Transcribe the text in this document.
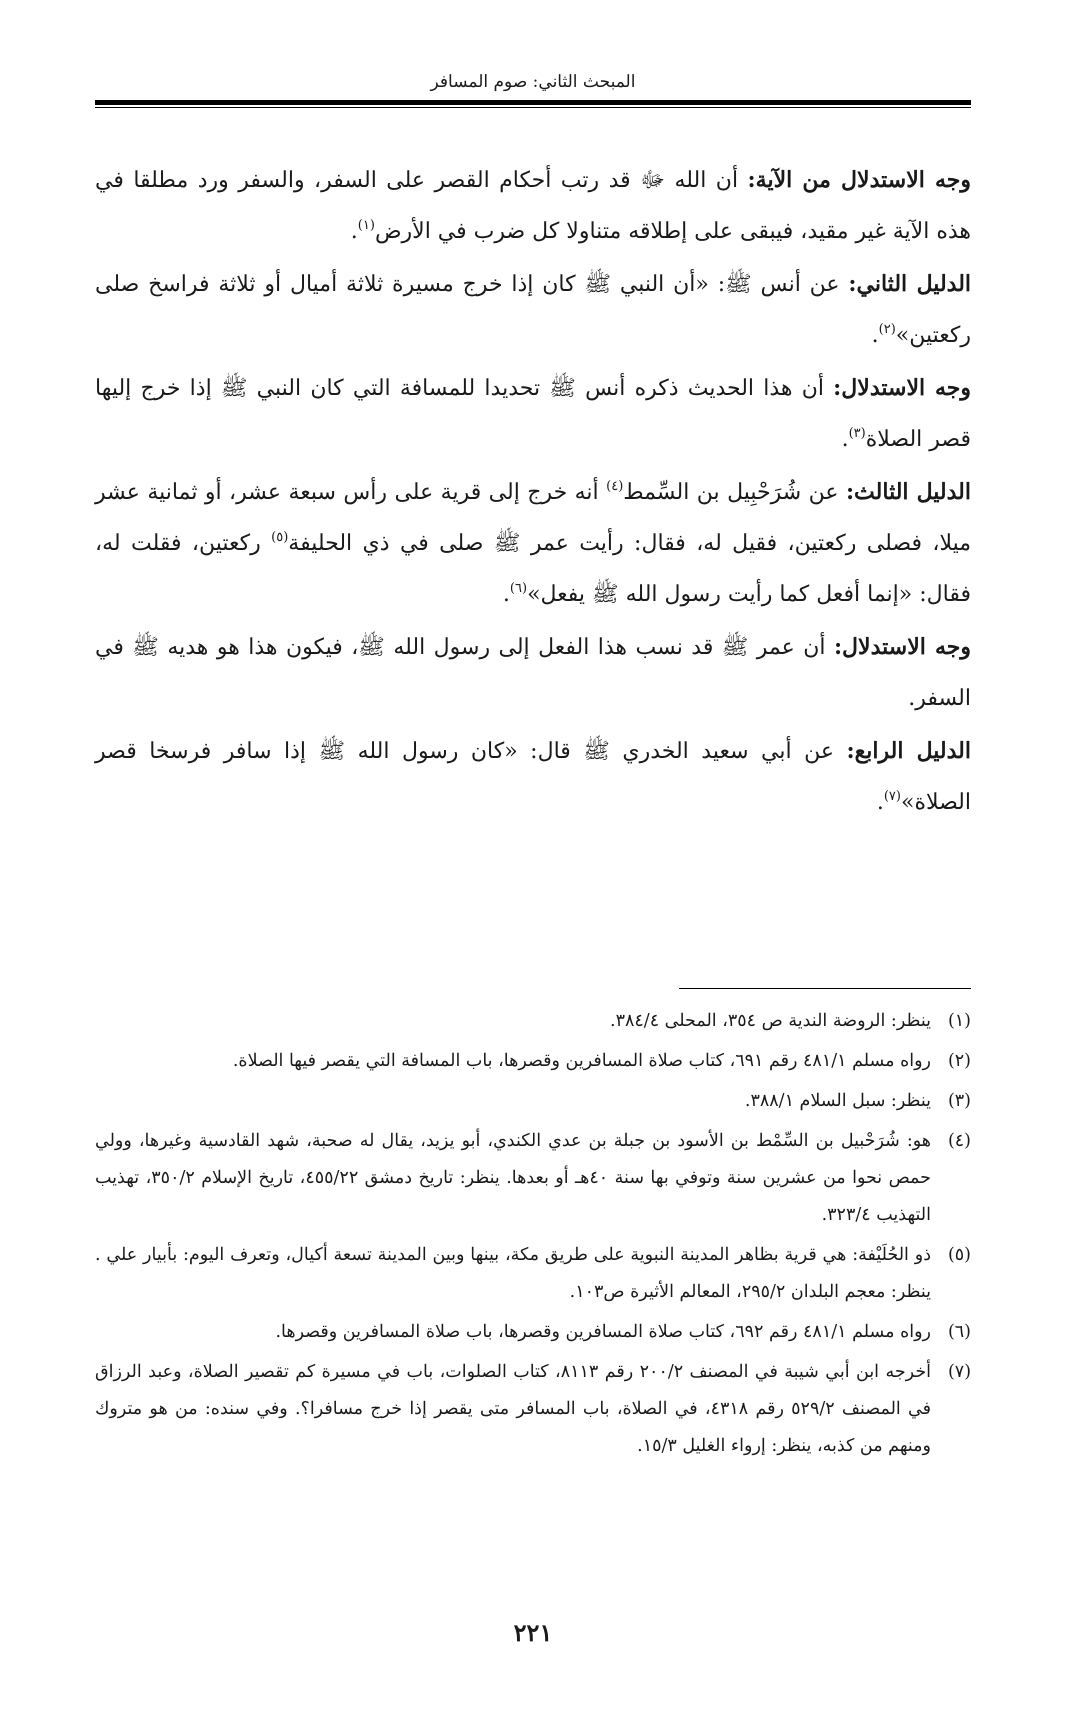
المبحث الثاني: صوم المسافر

وجه الاستدلال من الآية: أن الله ﷻ قد رتب أحكام القصر على السفر، والسفر ورد مطلقا في هذه الآية غير مقيد، فيبقى على إطلاقه متناولا كل ضرب في الأرض$^{(١)}$.

الدليل الثاني: عن أنس ﷺ: «أن النبي ﷺ كان إذا خرج مسيرة ثلاثة أميال أو ثلاثة فراسخ صلى ركعتين»$^{(٢)}$.

وجه الاستدلال: أن هذا الحديث ذكره أنس ﷺ تحديدا للمسافة التي كان النبي ﷺ إذا خرج إليها قصر الصلاة$^{(٣)}$.

الدليل الثالث: عن شُرَحْبِيل بن السِّمط$^{(٤)}$ أنه خرج إلى قرية على رأس سبعة عشر، أو ثمانية عشر ميلا، فصلى ركعتين، فقيل له، فقال: رأيت عمر ﷺ صلى في ذي الحليفة$^{(٥)}$ ركعتين، فقلت له، فقال: «إنما أفعل كما رأيت رسول الله ﷺ يفعل»$^{(٦)}$.

وجه الاستدلال: أن عمر ﷺ قد نسب هذا الفعل إلى رسول الله ﷺ، فيكون هذا هو هديه ﷺ في السفر.

الدليل الرابع: عن أبي سعيد الخدري ﷺ قال: «كان رسول الله ﷺ إذا سافر فرسخا قصر الصلاة»$^{(٧)}$.

(١)ينظر: الروضة الندية ص ٣٥٤، المحلى ٣٨٤/٤.

(٢)رواه مسلم ٤٨١/١ رقم ٦٩١، كتاب صلاة المسافرين وقصرها، باب المسافة التي يقصر فيها الصلاة.

(٣)ينظر: سبل السلام ٣٨٨/١.

(٤)هو: شُرَحْبيل بن السِّمْط بن الأسود بن جبلة بن عدي الكندي، أبو يزيد، يقال له صحبة، شهد القادسية وغيرها، وولي حمص نحوا من عشرين سنة وتوفي بها سنة ٤٠هـ أو بعدها. ينظر: تاريخ دمشق ٤٥٥/٢٢، تاريخ الإسلام ٣٥٠/٢، تهذيب التهذيب ٣٢٣/٤.

(٥)ذو الحُلَيْفة: هي قرية بظاهر المدينة النبوية على طريق مكة، بينها وبين المدينة تسعة أكيال، وتعرف اليوم: بأبيار علي . ينظر: معجم البلدان ٢٩٥/٢، المعالم الأثيرة ص١٠٣.

(٦)رواه مسلم ٤٨١/١ رقم ٦٩٢، كتاب صلاة المسافرين وقصرها، باب صلاة المسافرين وقصرها.

(٧)أخرجه ابن أبي شيبة في المصنف ٢٠٠/٢ رقم ٨١١٣، كتاب الصلوات، باب في مسيرة كم تقصير الصلاة، وعبد الرزاق في المصنف ٥٢٩/٢ رقم ٤٣١٨، في الصلاة، باب المسافر متى يقصر إذا خرج مسافرا؟. وفي سنده: من هو متروك ومنهم من كذبه، ينظر: إرواء الغليل ١٥/٣.

٢٢١
